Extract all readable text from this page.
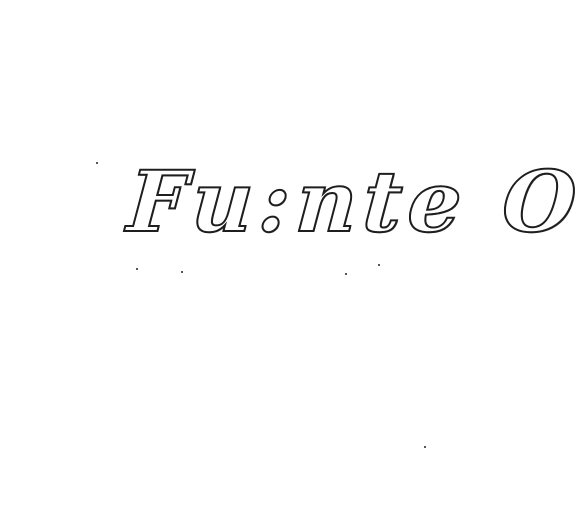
Fu:nte O
